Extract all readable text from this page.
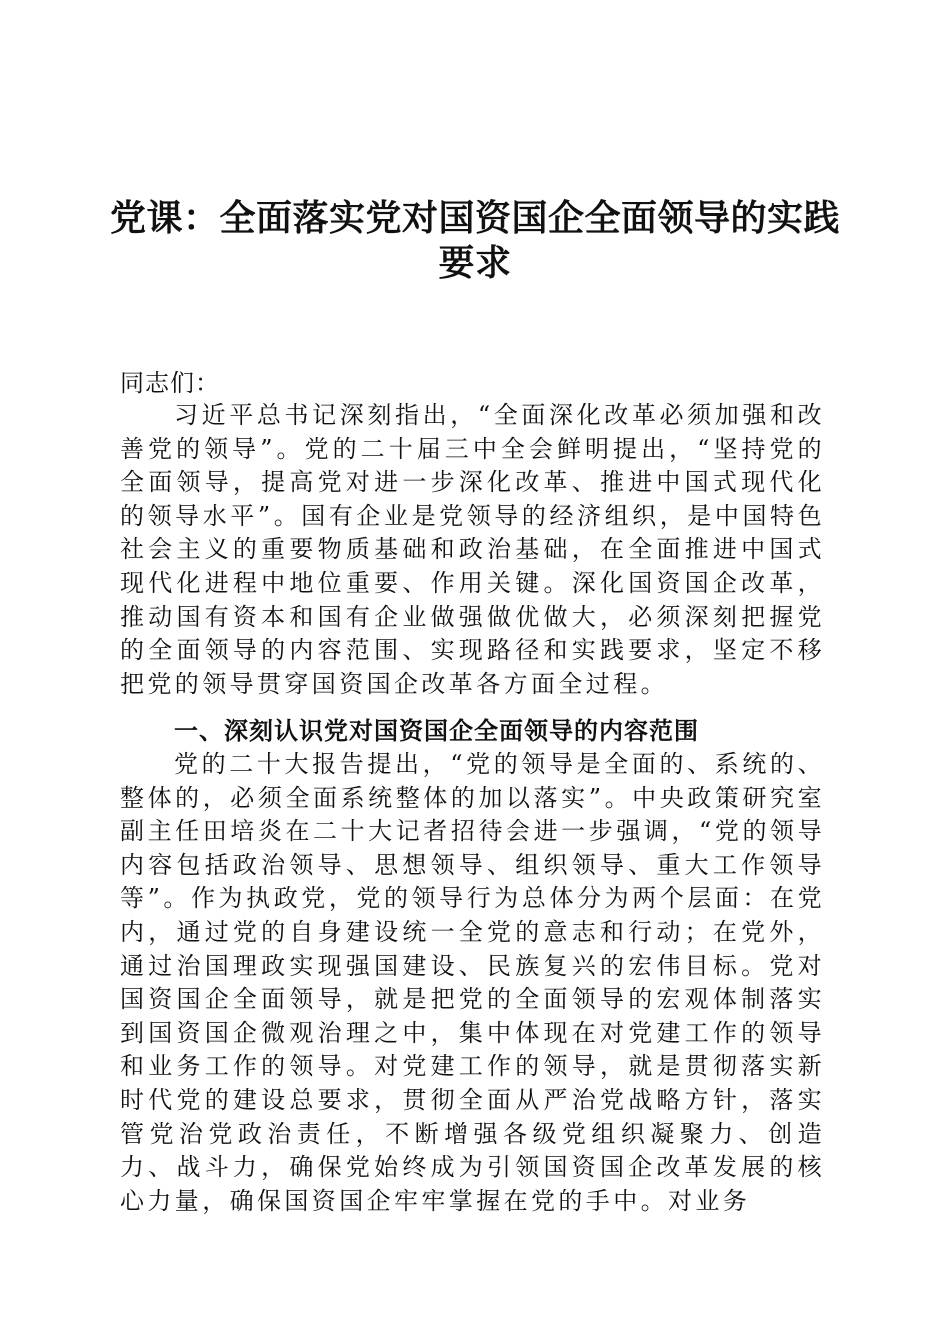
党课：全面落实党对国资国企全面领导的实践
要求

同志们：

习近平总书记深刻指出，“全面深化改革必须加强和改善党的领导”。党的二十届三中全会鲜明提出，“坚持党的全面领导，提高党对进一步深化改革、推进中国式现代化的领导水平”。国有企业是党领导的经济组织，是中国特色社会主义的重要物质基础和政治基础，在全面推进中国式现代化进程中地位重要、作用关键。深化国资国企改革，推动国有资本和国有企业做强做优做大，必须深刻把握党的全面领导的内容范围、实现路径和实践要求，坚定不移把党的领导贯穿国资国企改革各方面全过程。

一、深刻认识党对国资国企全面领导的内容范围

党的二十大报告提出，“党的领导是全面的、系统的、整体的，必须全面系统整体的加以落实”。中央政策研究室副主任田培炎在二十大记者招待会进一步强调，“党的领导内容包括政治领导、思想领导、组织领导、重大工作领导等”。作为执政党，党的领导行为总体分为两个层面：在党内，通过党的自身建设统一全党的意志和行动；在党外，通过治国理政实现强国建设、民族复兴的宏伟目标。党对国资国企全面领导，就是把党的全面领导的宏观体制落实到国资国企微观治理之中，集中体现在对党建工作的领导和业务工作的领导。对党建工作的领导，就是贯彻落实新时代党的建设总要求，贯彻全面从严治党战略方针，落实管党治党政治责任，不断增强各级党组织凝聚力、创造力、战斗力，确保党始终成为引领国资国企改革发展的核心力量，确保国资国企牢牢掌握在党的手中。对业务
